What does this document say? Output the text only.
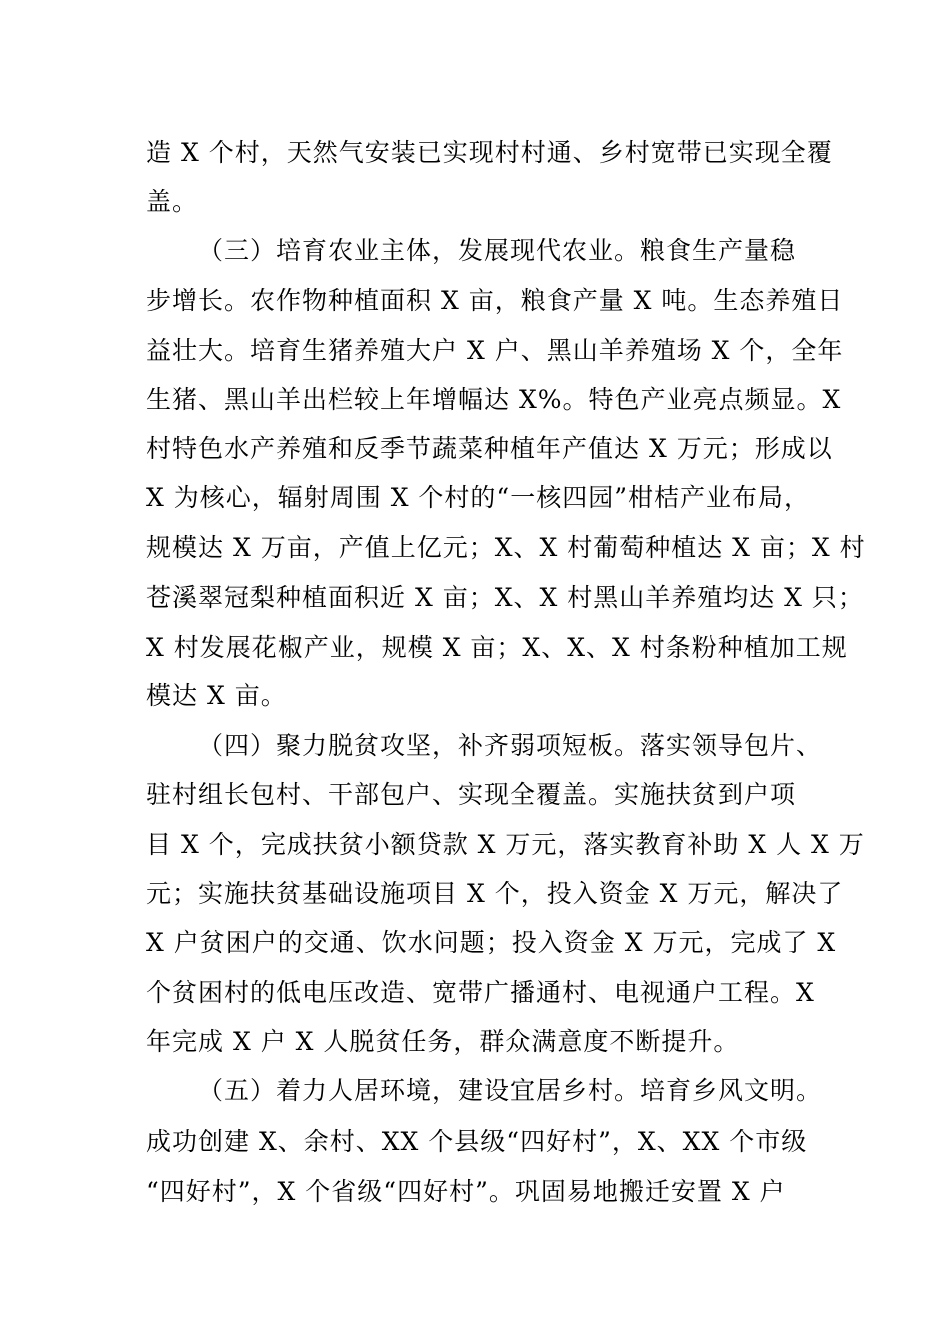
造 X 个村，天然气安装已实现村村通、乡村宽带已实现全覆
盖。
（三）培育农业主体，发展现代农业。粮食生产量稳
步增长。农作物种植面积 X 亩，粮食产量 X 吨。生态养殖日
益壮大。培育生猪养殖大户 X 户、黑山羊养殖场 X 个，全年
生猪、黑山羊出栏较上年增幅达 X%。特色产业亮点频显。X
村特色水产养殖和反季节蔬菜种植年产值达 X 万元；形成以
X 为核心，辐射周围 X 个村的“一核四园”柑桔产业布局，
规模达 X 万亩，产值上亿元；X、X 村葡萄种植达 X 亩；X 村
苍溪翠冠梨种植面积近 X 亩；X、X 村黑山羊养殖均达 X 只；
X 村发展花椒产业，规模 X 亩；X、X、X 村条粉种植加工规
模达 X 亩。
（四）聚力脱贫攻坚，补齐弱项短板。落实领导包片、
驻村组长包村、干部包户、实现全覆盖。实施扶贫到户项
目 X 个，完成扶贫小额贷款 X 万元，落实教育补助 X 人 X 万
元；实施扶贫基础设施项目 X 个，投入资金 X 万元，解决了
X 户贫困户的交通、饮水问题；投入资金 X 万元，完成了 X
个贫困村的低电压改造、宽带广播通村、电视通户工程。X
年完成 X 户 X 人脱贫任务，群众满意度不断提升。
（五）着力人居环境，建设宜居乡村。培育乡风文明。
成功创建 X、余村、XX 个县级“四好村”，X、XX 个市级
“四好村”，X 个省级“四好村”。巩固易地搬迁安置 X 户
